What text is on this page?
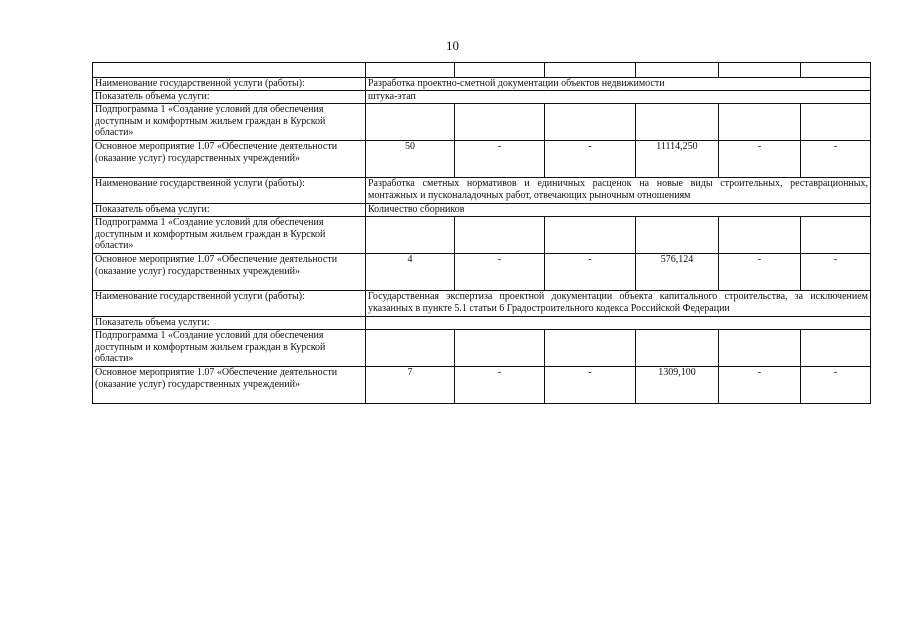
10

Наименование государственной услуги (работы):	Разработка проектно-сметной документации объектов недвижимости					
Показатель объема услуги:	штука-этап					
Подпрограмма 1 «Создание условий для обеспечения доступным и комфортным жильем граждан в Курской области»						
Основное мероприятие 1.07 «Обеспечение деятельности (оказание услуг) государственных учреждений»	50	-	-	11114,250	-	-
Наименование государственной услуги (работы):	Разработка сметных нормативов и единичных расценок на новые виды строительных, реставрационных, монтажных и пусконаладочных работ, отвечающих рыночным отношениям					
Показатель объема услуги:	Количество сборников					
Подпрограмма 1 «Создание условий для обеспечения доступным и комфортным жильем граждан в Курской области»						
Основное мероприятие 1.07 «Обеспечение деятельности (оказание услуг) государственных учреждений»	4	-	-	576,124	-	-
Наименование государственной услуги (работы):	Государственная экспертиза проектной документации объекта капитального строительства, за исключением указанных в пункте 5.1 статьи 6 Градостроительного кодекса Российской Федерации					
Показатель объема услуги:						
Подпрограмма 1 «Создание условий для обеспечения доступным и комфортным жильем граждан в Курской области»						
Основное мероприятие 1.07 «Обеспечение деятельности (оказание услуг) государственных учреждений»	7	-	-	1309,100	-	-
